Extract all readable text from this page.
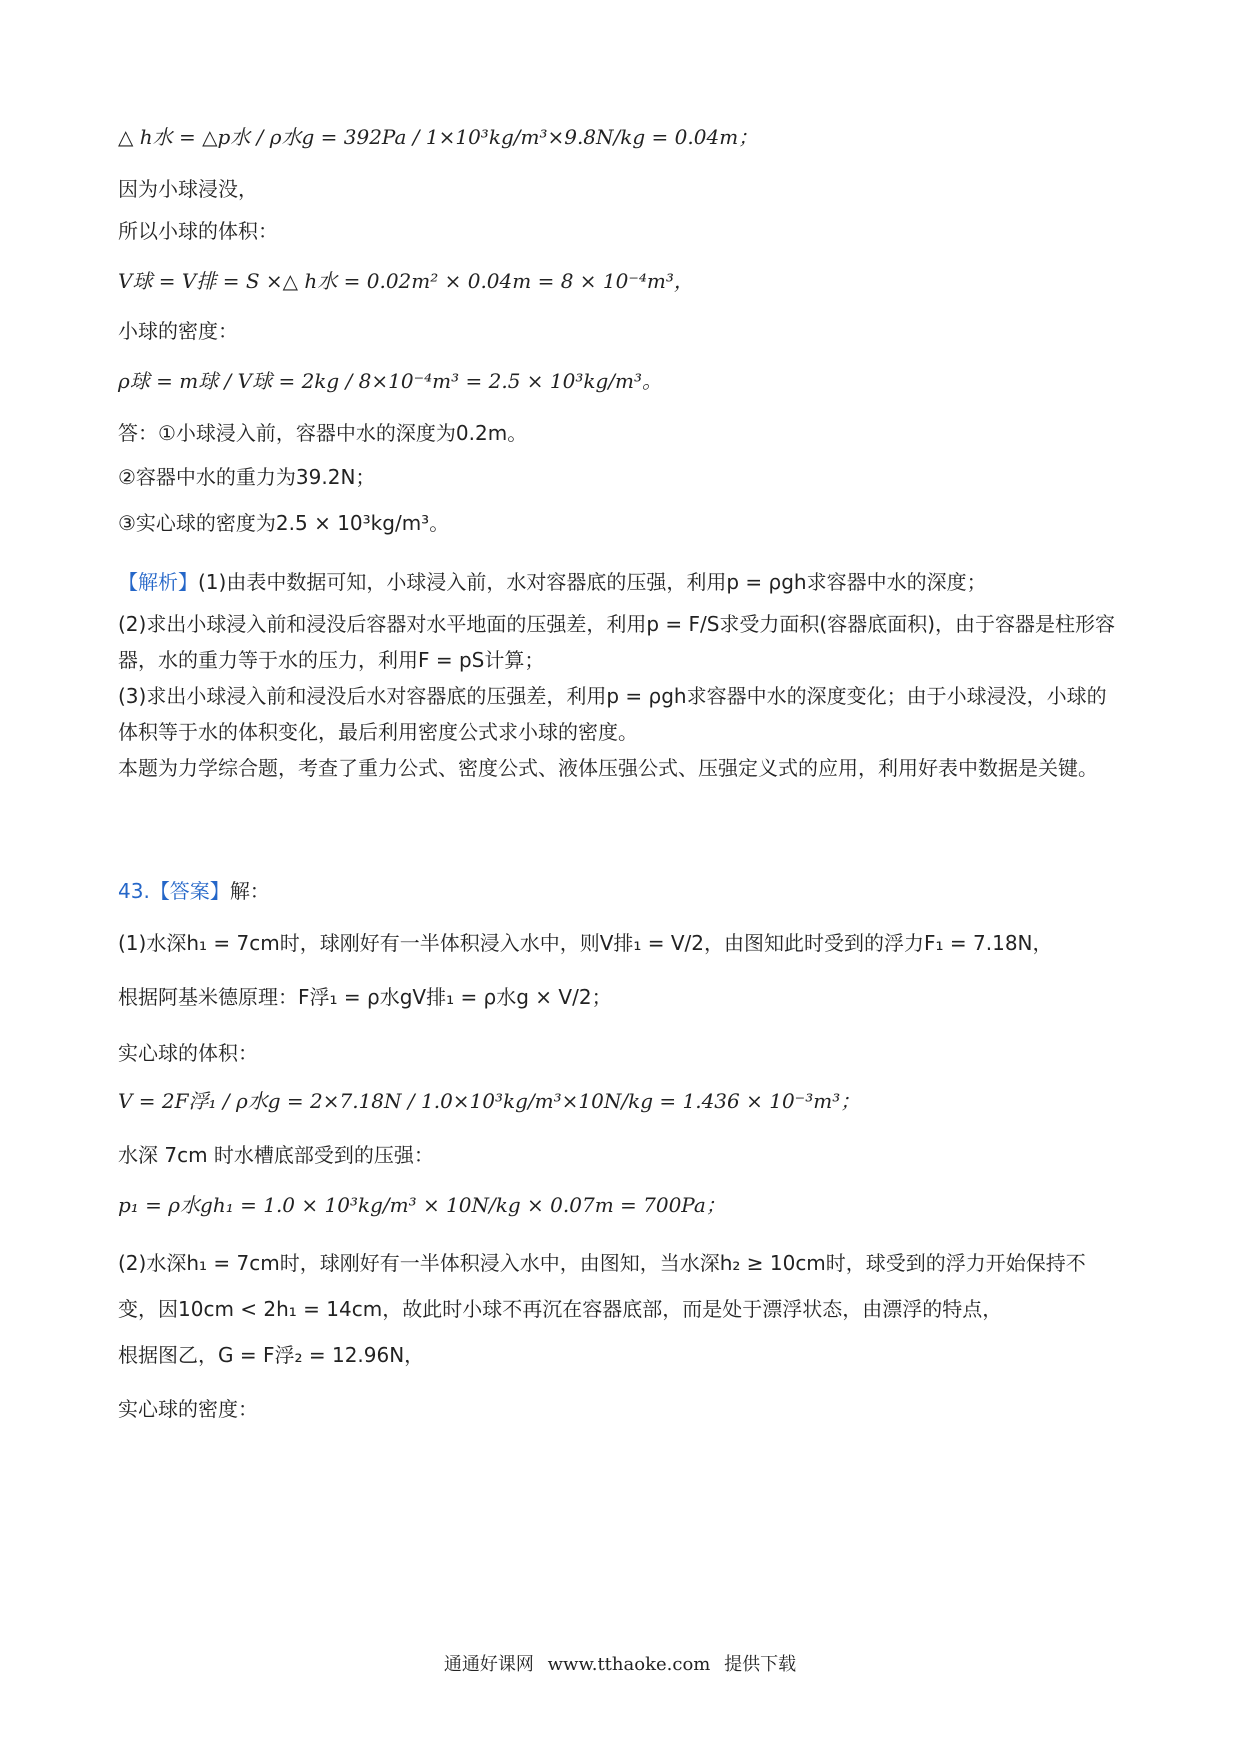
△ h水 = △p水 / ρ水g = 392Pa / 1×10³kg/m³×9.8N/kg = 0.04m；
因为小球浸没，
所以小球的体积：
V球 = V排 = S ×△ h水 = 0.02m² × 0.04m = 8 × 10⁻⁴m³，
小球的密度：
ρ球 = m球 / V球 = 2kg / 8×10⁻⁴m³ = 2.5 × 10³kg/m³。
答：①小球浸入前，容器中水的深度为0.2m。
②容器中水的重力为39.2N；
③实心球的密度为2.5 × 10³kg/m³。
【解析】(1)由表中数据可知，小球浸入前，水对容器底的压强，利用p = ρgh求容器中水的深度；
(2)求出小球浸入前和浸没后容器对水平地面的压强差，利用p = F/S求受力面积(容器底面积)，由于容器是柱形容器，水的重力等于水的压力，利用F = pS计算；
(3)求出小球浸入前和浸没后水对容器底的压强差，利用p = ρgh求容器中水的深度变化；由于小球浸没，小球的体积等于水的体积变化，最后利用密度公式求小球的密度。
本题为力学综合题，考查了重力公式、密度公式、液体压强公式、压强定义式的应用，利用好表中数据是关键。
43.【答案】解：
(1)水深h₁ = 7cm时，球刚好有一半体积浸入水中，则V排₁ = V/2，由图知此时受到的浮力F₁ = 7.18N，
根据阿基米德原理：F浮₁ = ρ水gV排₁ = ρ水g × V/2；
实心球的体积：
V = 2F浮₁ / ρ水g = 2×7.18N / 1.0×10³kg/m³×10N/kg = 1.436 × 10⁻³m³；
水深 7cm 时水槽底部受到的压强：
p₁ = ρ水gh₁ = 1.0 × 10³kg/m³ × 10N/kg × 0.07m = 700Pa；
(2)水深h₁ = 7cm时，球刚好有一半体积浸入水中，由图知，当水深h₂ ≥ 10cm时，球受到的浮力开始保持不变，因10cm < 2h₁ = 14cm，故此时小球不再沉在容器底部，而是处于漂浮状态，由漂浮的特点，
根据图乙，G = F浮₂ = 12.96N，
实心球的密度：
通通好课网 www.tthaoke.com 提供下载
